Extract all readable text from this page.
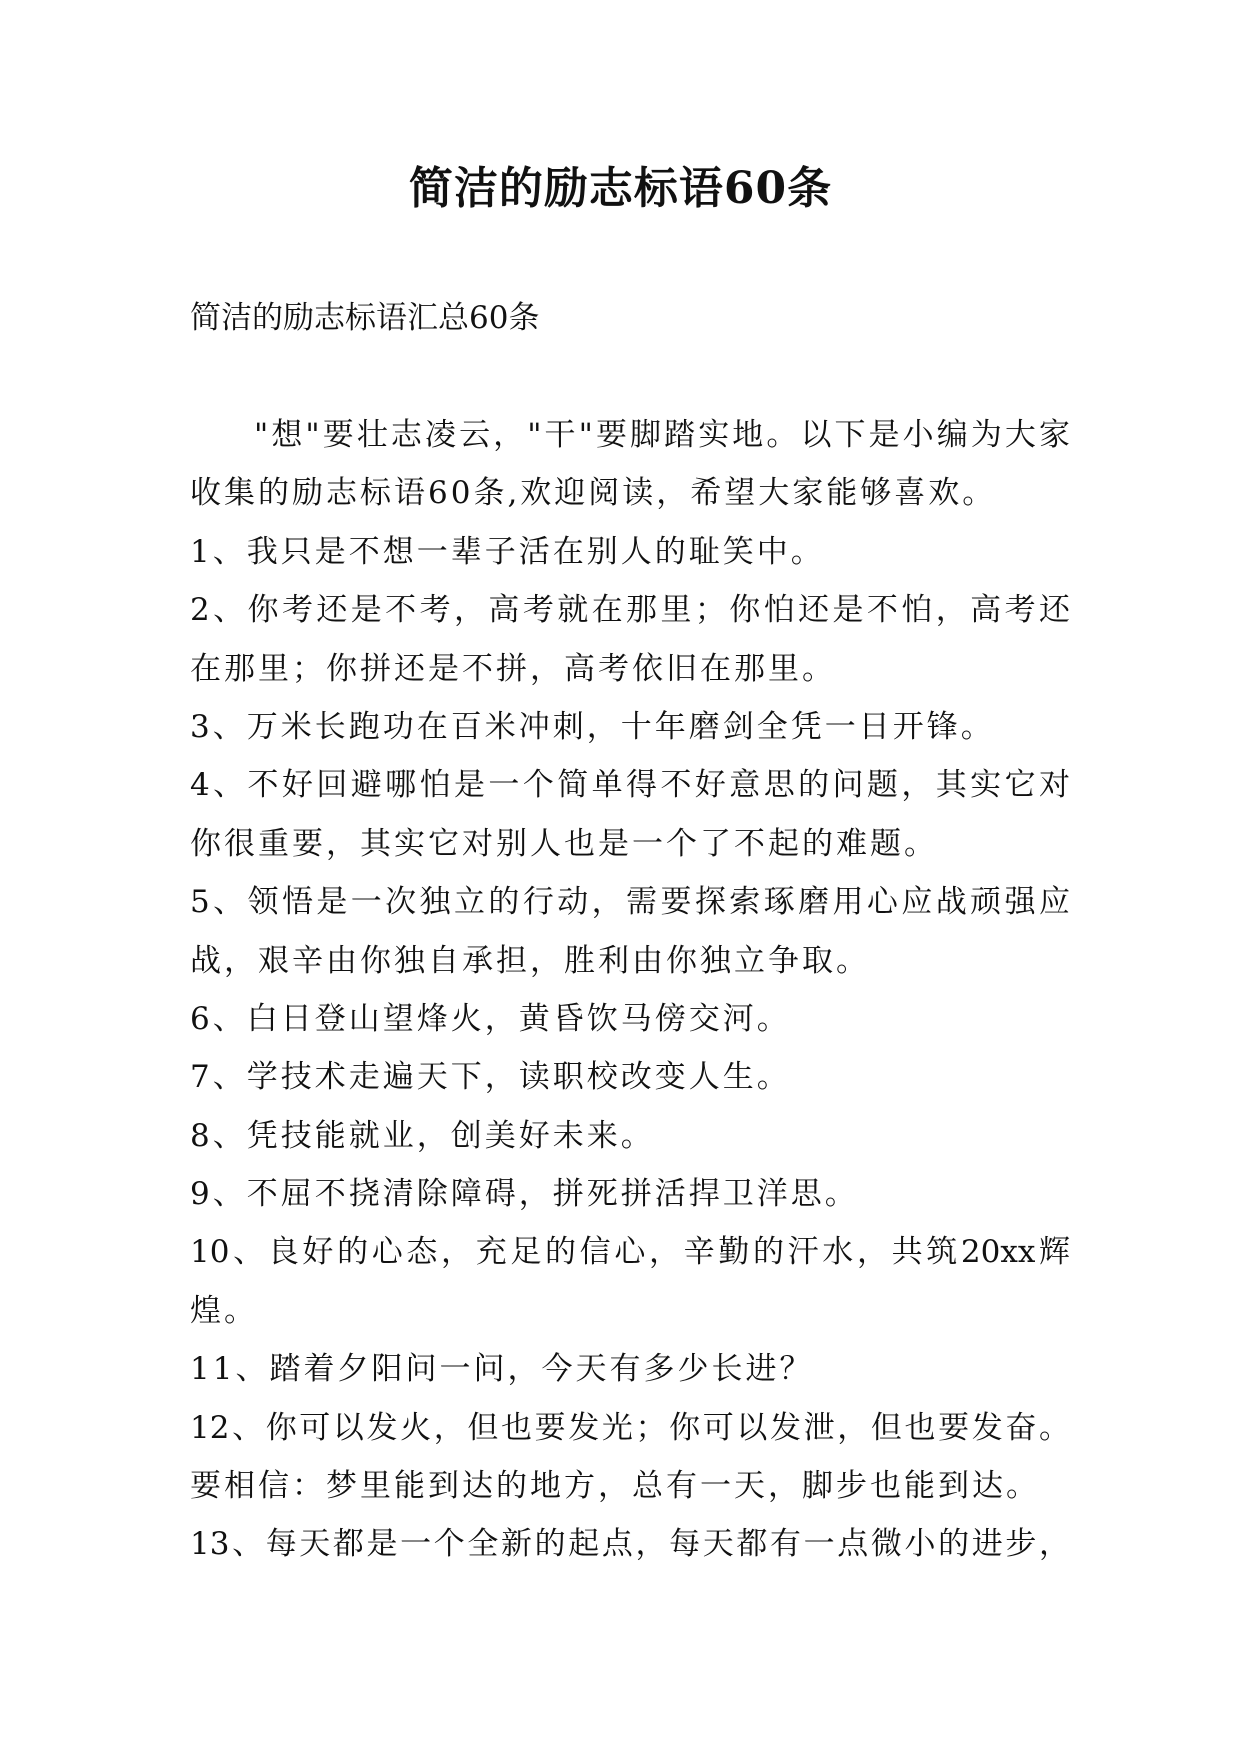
简洁的励志标语60条
简洁的励志标语汇总60条
"想"要壮志凌云，"干"要脚踏实地。以下是小编为大家
收集的励志标语60条,欢迎阅读，希望大家能够喜欢。
1、我只是不想一辈子活在别人的耻笑中。
2、你考还是不考，高考就在那里；你怕还是不怕，高考还
在那里；你拼还是不拼，高考依旧在那里。
3、万米长跑功在百米冲刺，十年磨剑全凭一日开锋。
4、不好回避哪怕是一个简单得不好意思的问题，其实它对
你很重要，其实它对别人也是一个了不起的难题。
5、领悟是一次独立的行动，需要探索琢磨用心应战顽强应
战，艰辛由你独自承担，胜利由你独立争取。
6、白日登山望烽火，黄昏饮马傍交河。
7、学技术走遍天下，读职校改变人生。
8、凭技能就业，创美好未来。
9、不屈不挠清除障碍，拼死拼活捍卫洋思。
10、良好的心态，充足的信心，辛勤的汗水，共筑20xx辉
煌。
11、踏着夕阳问一问，今天有多少长进？
12、你可以发火，但也要发光；你可以发泄，但也要发奋。
要相信：梦里能到达的地方，总有一天，脚步也能到达。
13、每天都是一个全新的起点，每天都有一点微小的进步，
